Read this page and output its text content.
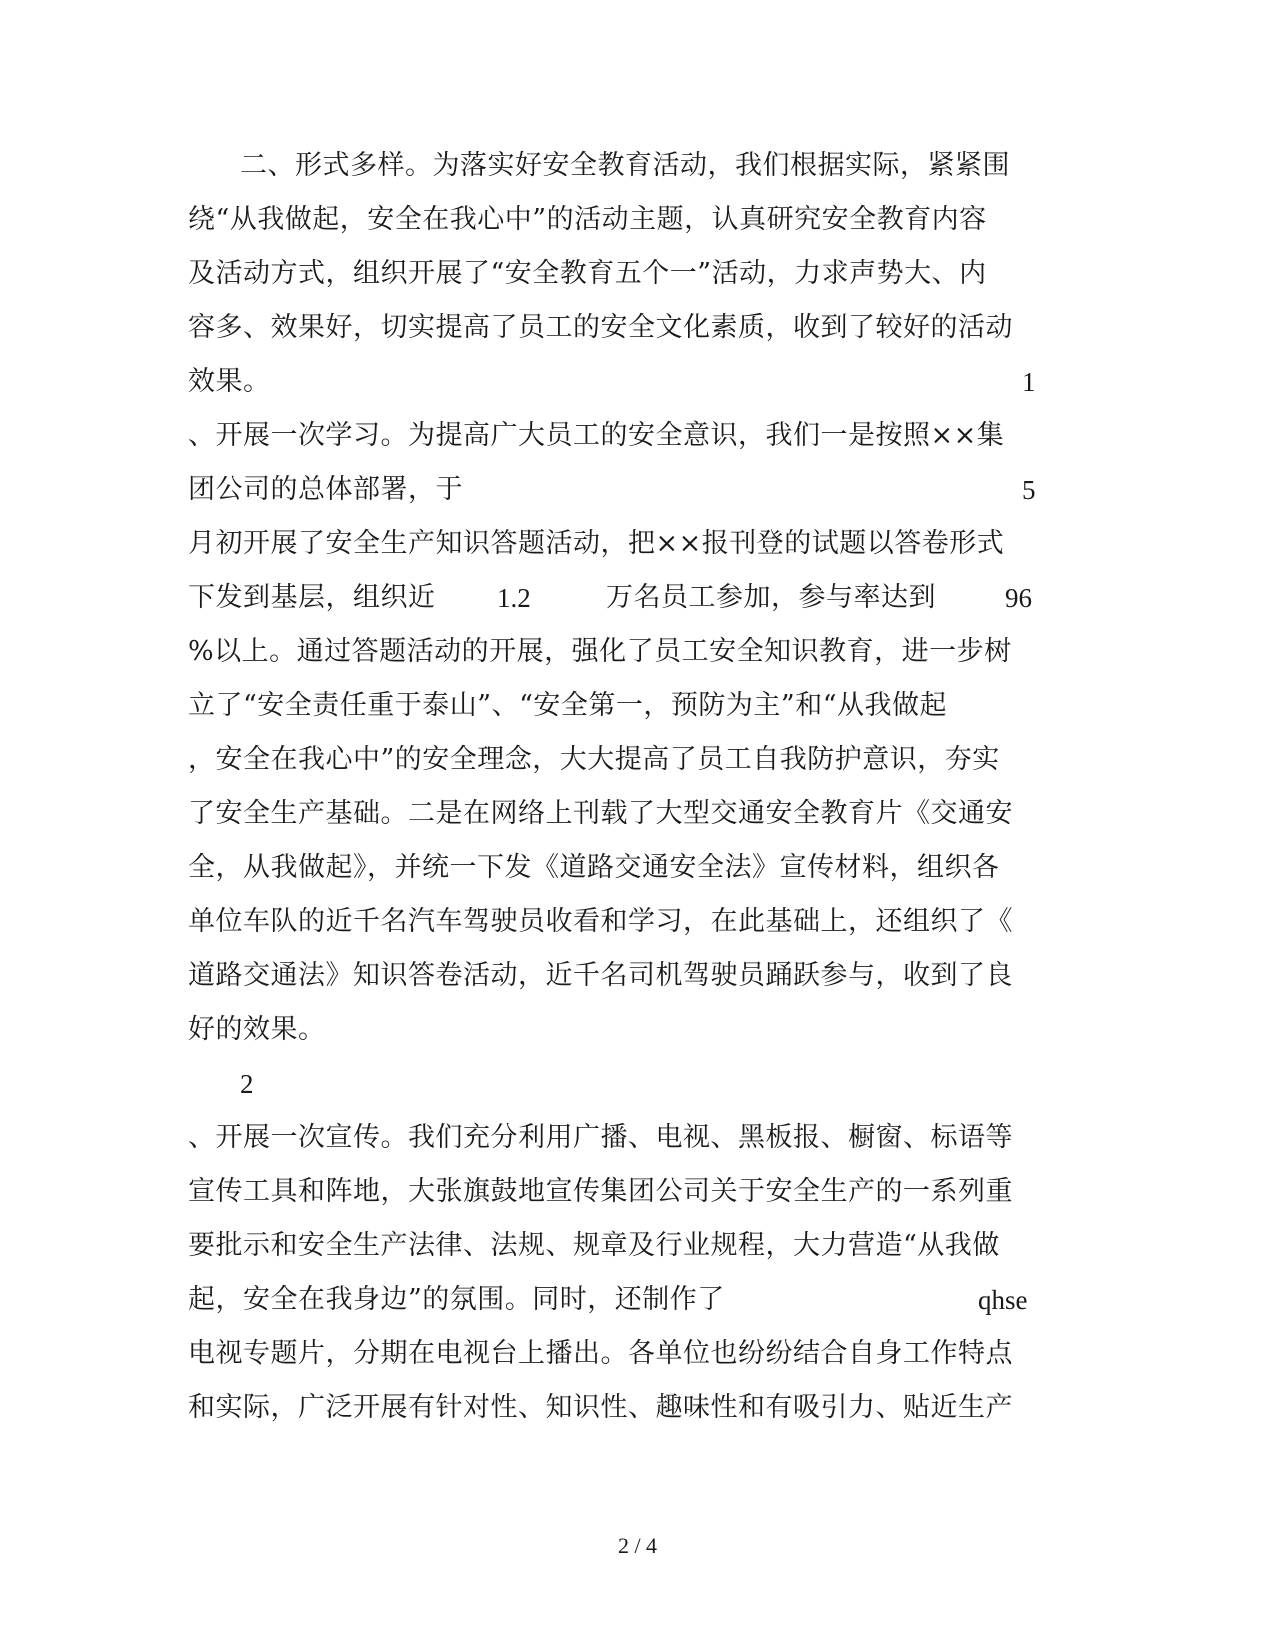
二、形式多样。为落实好安全教育活动，我们根据实际，紧紧围
绕“从我做起，安全在我心中”的活动主题，认真研究安全教育内容
及活动方式，组织开展了“安全教育五个一”活动，力求声势大、内
容多、效果好，切实提高了员工的安全文化素质，收到了较好的活动
效果。	1
、开展一次学习。为提高广大员工的安全意识，我们一是按照××集
团公司的总体部署，于	5
月初开展了安全生产知识答题活动，把××报刊登的试题以答卷形式
下发到基层，组织近	1.2	万名员工参加，参与率达到	96
%以上。通过答题活动的开展，强化了员工安全知识教育，进一步树
立了“安全责任重于泰山”、“安全第一，预防为主”和“从我做起
，安全在我心中”的安全理念，大大提高了员工自我防护意识，夯实
了安全生产基础。二是在网络上刊载了大型交通安全教育片《交通安
全，从我做起》，并统一下发《道路交通安全法》宣传材料，组织各
单位车队的近千名汽车驾驶员收看和学习，在此基础上，还组织了《
道路交通法》知识答卷活动，近千名司机驾驶员踊跃参与，收到了良
好的效果。
2
、开展一次宣传。我们充分利用广播、电视、黑板报、橱窗、标语等
宣传工具和阵地，大张旗鼓地宣传集团公司关于安全生产的一系列重
要批示和安全生产法律、法规、规章及行业规程，大力营造“从我做
起，安全在我身边”的氛围。同时，还制作了	qhse
电视专题片，分期在电视台上播出。各单位也纷纷结合自身工作特点
和实际，广泛开展有针对性、知识性、趣味性和有吸引力、贴近生产
2 / 4
